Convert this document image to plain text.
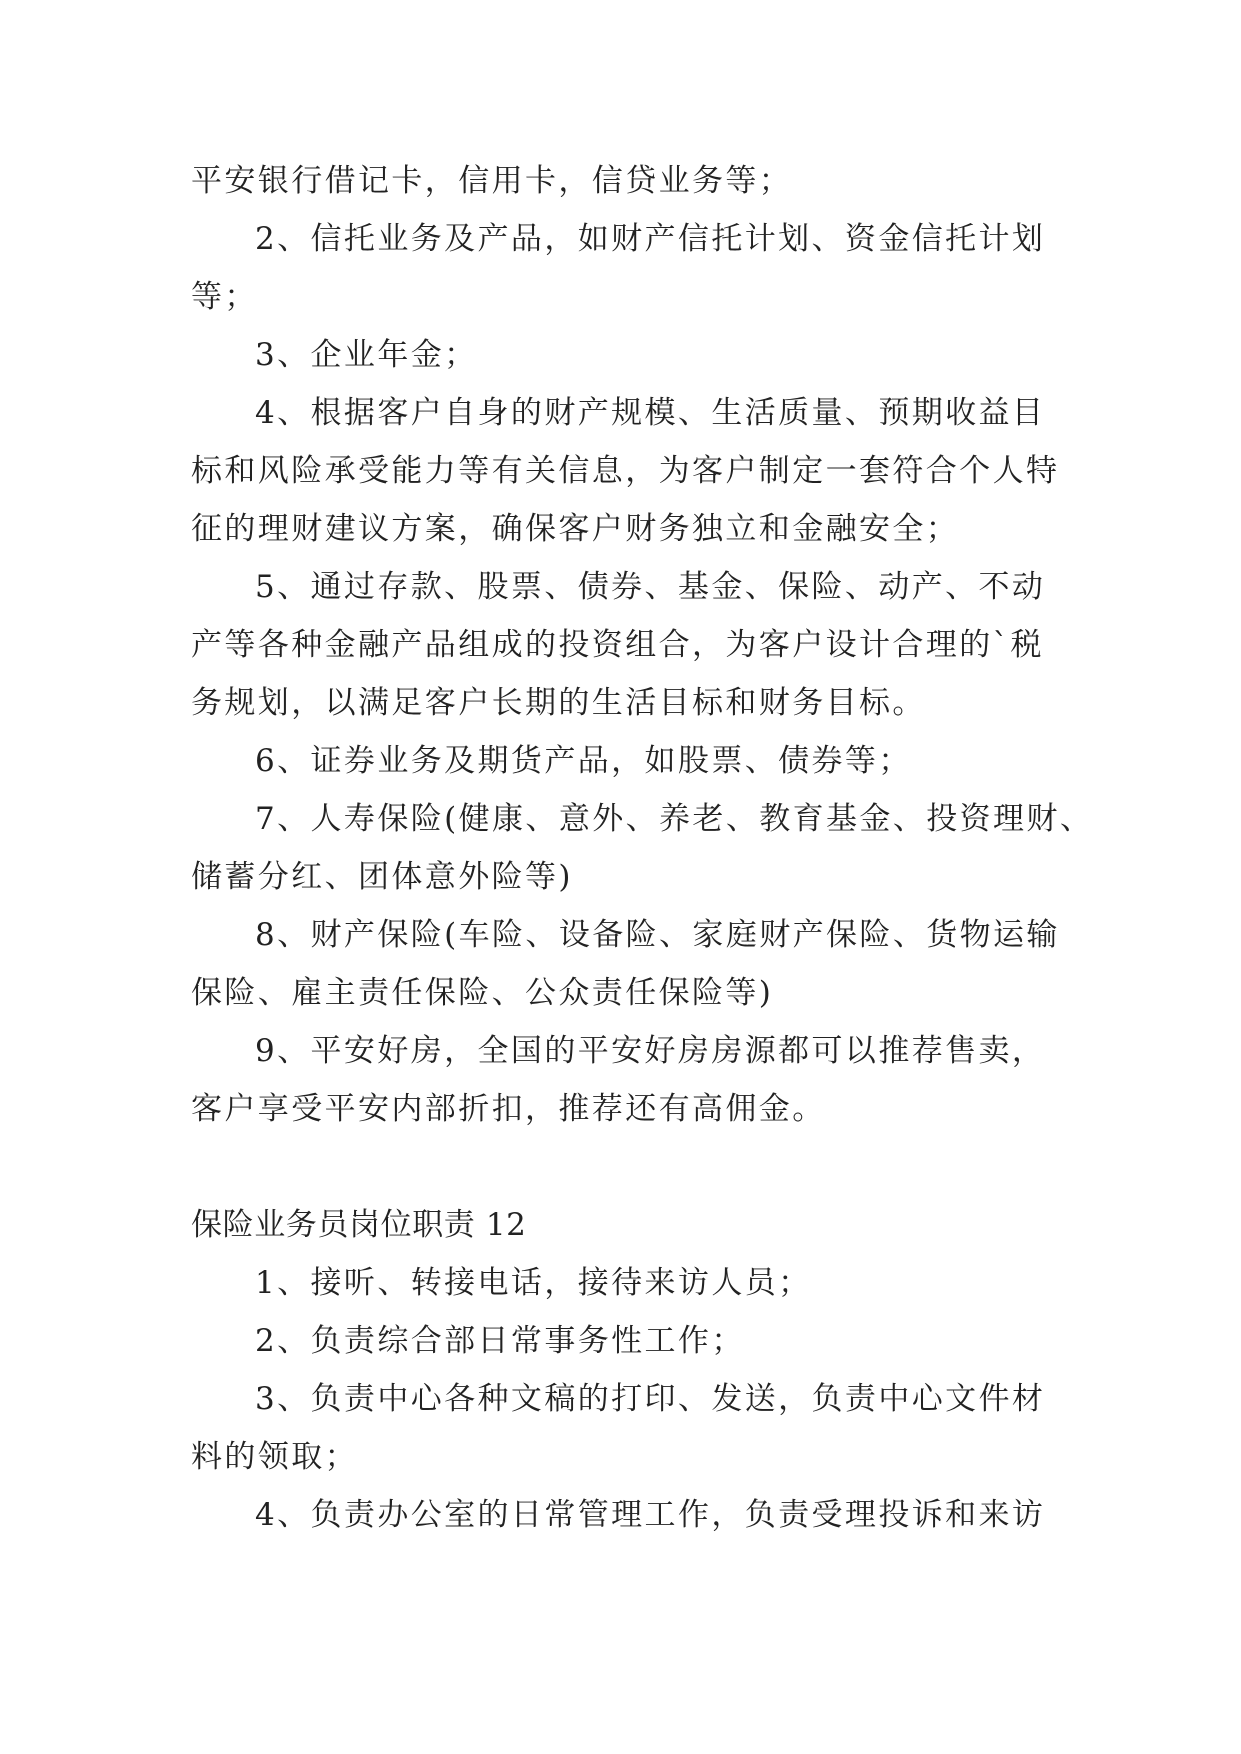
平安银行借记卡，信用卡，信贷业务等；
2、信托业务及产品，如财产信托计划、资金信托计划
等；
3、企业年金；
4、根据客户自身的财产规模、生活质量、预期收益目
标和风险承受能力等有关信息，为客户制定一套符合个人特
征的理财建议方案，确保客户财务独立和金融安全；
5、通过存款、股票、债券、基金、保险、动产、不动
产等各种金融产品组成的投资组合，为客户设计合理的`税
务规划，以满足客户长期的生活目标和财务目标。
6、证券业务及期货产品，如股票、债券等；
7、人寿保险(健康、意外、养老、教育基金、投资理财、
储蓄分红、团体意外险等)
8、财产保险(车险、设备险、家庭财产保险、货物运输
保险、雇主责任保险、公众责任保险等)
9、平安好房，全国的平安好房房源都可以推荐售卖，
客户享受平安内部折扣，推荐还有高佣金。
保险业务员岗位职责 12
1、接听、转接电话，接待来访人员；
2、负责综合部日常事务性工作；
3、负责中心各种文稿的打印、发送，负责中心文件材
料的领取；
4、负责办公室的日常管理工作，负责受理投诉和来访
